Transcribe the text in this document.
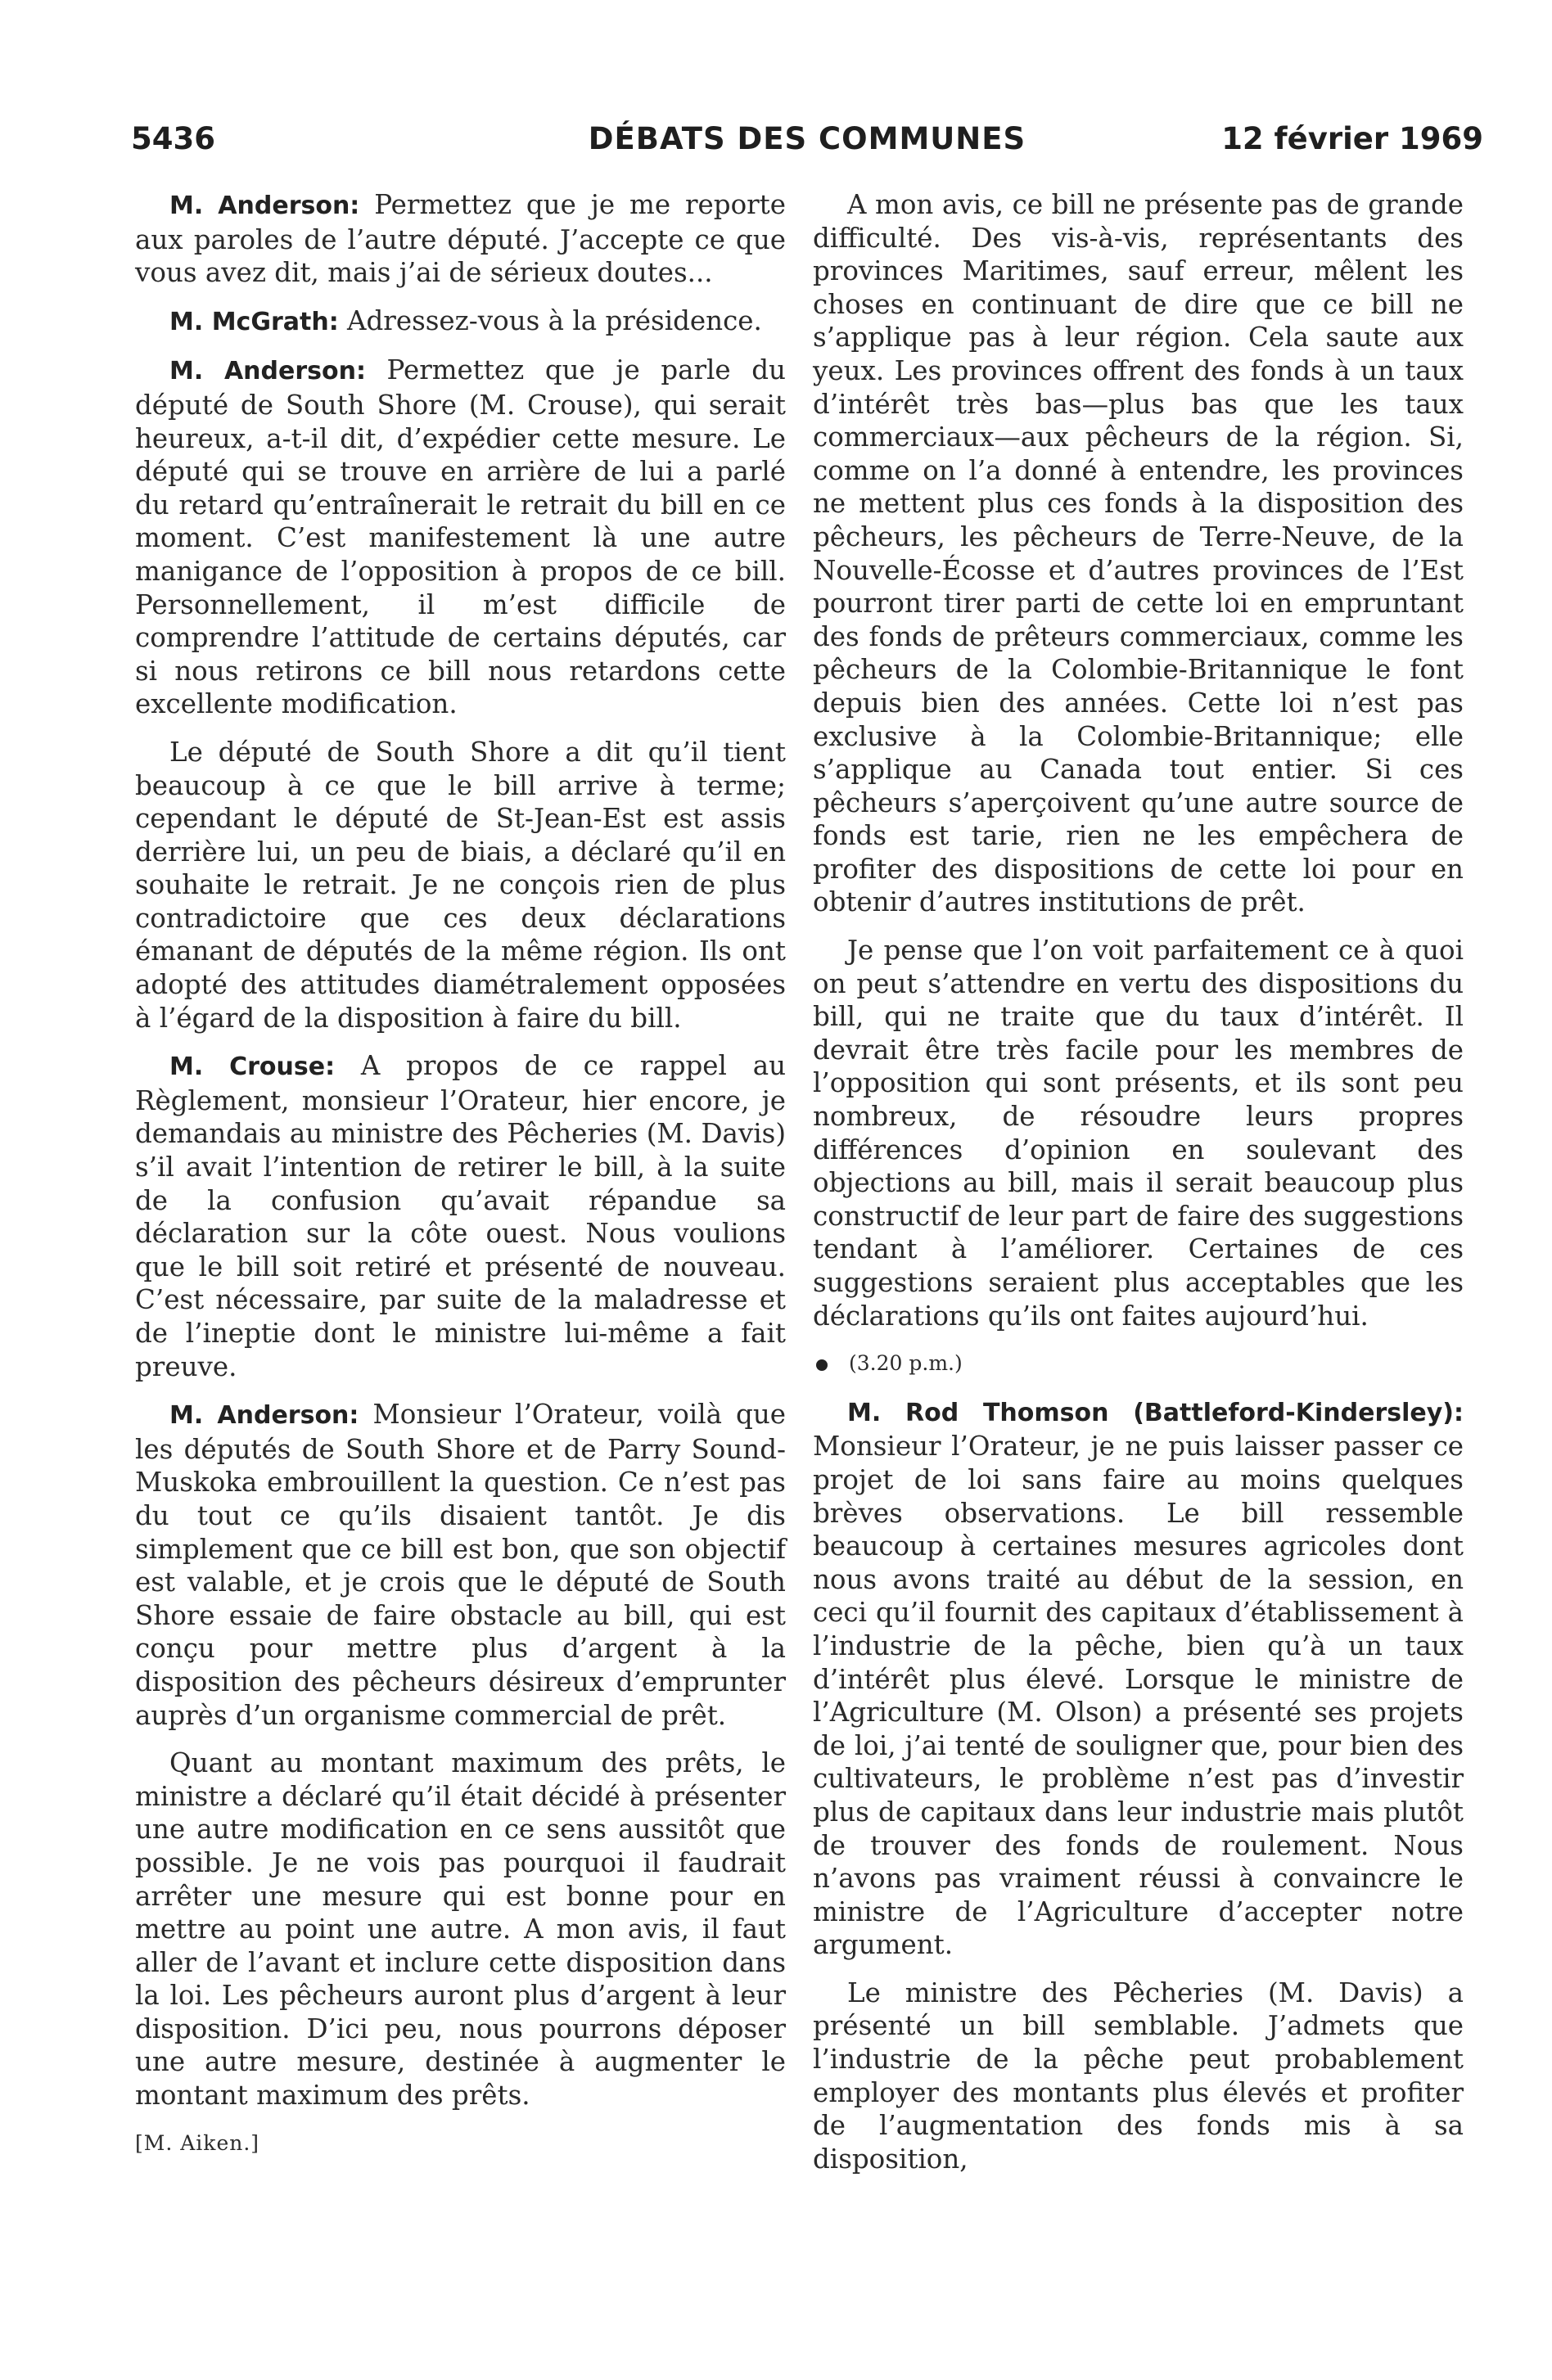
5436	DÉBATS DES COMMUNES	12 février 1969

M. Anderson: Permettez que je me reporte aux paroles de l’autre député. J’accepte ce que vous avez dit, mais j’ai de sérieux doutes...

M. McGrath: Adressez-vous à la présidence.

M. Anderson: Permettez que je parle du député de South Shore (M. Crouse), qui serait heureux, a-t-il dit, d’expédier cette mesure. Le député qui se trouve en arrière de lui a parlé du retard qu’entraînerait le retrait du bill en ce moment. C’est manifestement là une autre manigance de l’opposition à propos de ce bill. Personnellement, il m’est difficile de comprendre l’attitude de certains députés, car si nous retirons ce bill nous retardons cette excellente modification.

Le député de South Shore a dit qu’il tient beaucoup à ce que le bill arrive à terme; cependant le député de St-Jean-Est est assis derrière lui, un peu de biais, a déclaré qu’il en souhaite le retrait. Je ne conçois rien de plus contradictoire que ces deux déclarations émanant de députés de la même région. Ils ont adopté des attitudes diamétralement opposées à l’égard de la disposition à faire du bill.

M. Crouse: A propos de ce rappel au Règlement, monsieur l’Orateur, hier encore, je demandais au ministre des Pêcheries (M. Davis) s’il avait l’intention de retirer le bill, à la suite de la confusion qu’avait répandue sa déclaration sur la côte ouest. Nous voulions que le bill soit retiré et présenté de nouveau. C’est nécessaire, par suite de la maladresse et de l’ineptie dont le ministre lui-même a fait preuve.

M. Anderson: Monsieur l’Orateur, voilà que les députés de South Shore et de Parry Sound-Muskoka embrouillent la question. Ce n’est pas du tout ce qu’ils disaient tantôt. Je dis simplement que ce bill est bon, que son objectif est valable, et je crois que le député de South Shore essaie de faire obstacle au bill, qui est conçu pour mettre plus d’argent à la disposition des pêcheurs désireux d’emprunter auprès d’un organisme commercial de prêt.

Quant au montant maximum des prêts, le ministre a déclaré qu’il était décidé à présenter une autre modification en ce sens aussitôt que possible. Je ne vois pas pourquoi il faudrait arrêter une mesure qui est bonne pour en mettre au point une autre. A mon avis, il faut aller de l’avant et inclure cette disposition dans la loi. Les pêcheurs auront plus d’argent à leur disposition. D’ici peu, nous pourrons déposer une autre mesure, destinée à augmenter le montant maximum des prêts.

[M. Aiken.]

A mon avis, ce bill ne présente pas de grande difficulté. Des vis-à-vis, représentants des provinces Maritimes, sauf erreur, mêlent les choses en continuant de dire que ce bill ne s’applique pas à leur région. Cela saute aux yeux. Les provinces offrent des fonds à un taux d’intérêt très bas—plus bas que les taux commerciaux—aux pêcheurs de la région. Si, comme on l’a donné à entendre, les provinces ne mettent plus ces fonds à la disposition des pêcheurs, les pêcheurs de Terre-Neuve, de la Nouvelle-Écosse et d’autres provinces de l’Est pourront tirer parti de cette loi en empruntant des fonds de prêteurs commerciaux, comme les pêcheurs de la Colombie-Britannique le font depuis bien des années. Cette loi n’est pas exclusive à la Colombie-Britannique; elle s’applique au Canada tout entier. Si ces pêcheurs s’aperçoivent qu’une autre source de fonds est tarie, rien ne les empêchera de profiter des dispositions de cette loi pour en obtenir d’autres institutions de prêt.

Je pense que l’on voit parfaitement ce à quoi on peut s’attendre en vertu des dispositions du bill, qui ne traite que du taux d’intérêt. Il devrait être très facile pour les membres de l’opposition qui sont présents, et ils sont peu nombreux, de résoudre leurs propres différences d’opinion en soulevant des objections au bill, mais il serait beaucoup plus constructif de leur part de faire des suggestions tendant à l’améliorer. Certaines de ces suggestions seraient plus acceptables que les déclarations qu’ils ont faites aujourd’hui.

(3.20 p.m.)

M. Rod Thomson (Battleford-Kindersley): Monsieur l’Orateur, je ne puis laisser passer ce projet de loi sans faire au moins quelques brèves observations. Le bill ressemble beaucoup à certaines mesures agricoles dont nous avons traité au début de la session, en ceci qu’il fournit des capitaux d’établissement à l’industrie de la pêche, bien qu’à un taux d’intérêt plus élevé. Lorsque le ministre de l’Agriculture (M. Olson) a présenté ses projets de loi, j’ai tenté de souligner que, pour bien des cultivateurs, le problème n’est pas d’investir plus de capitaux dans leur industrie mais plutôt de trouver des fonds de roulement. Nous n’avons pas vraiment réussi à convaincre le ministre de l’Agriculture d’accepter notre argument.

Le ministre des Pêcheries (M. Davis) a présenté un bill semblable. J’admets que l’industrie de la pêche peut probablement employer des montants plus élevés et profiter de l’augmentation des fonds mis à sa disposition,
